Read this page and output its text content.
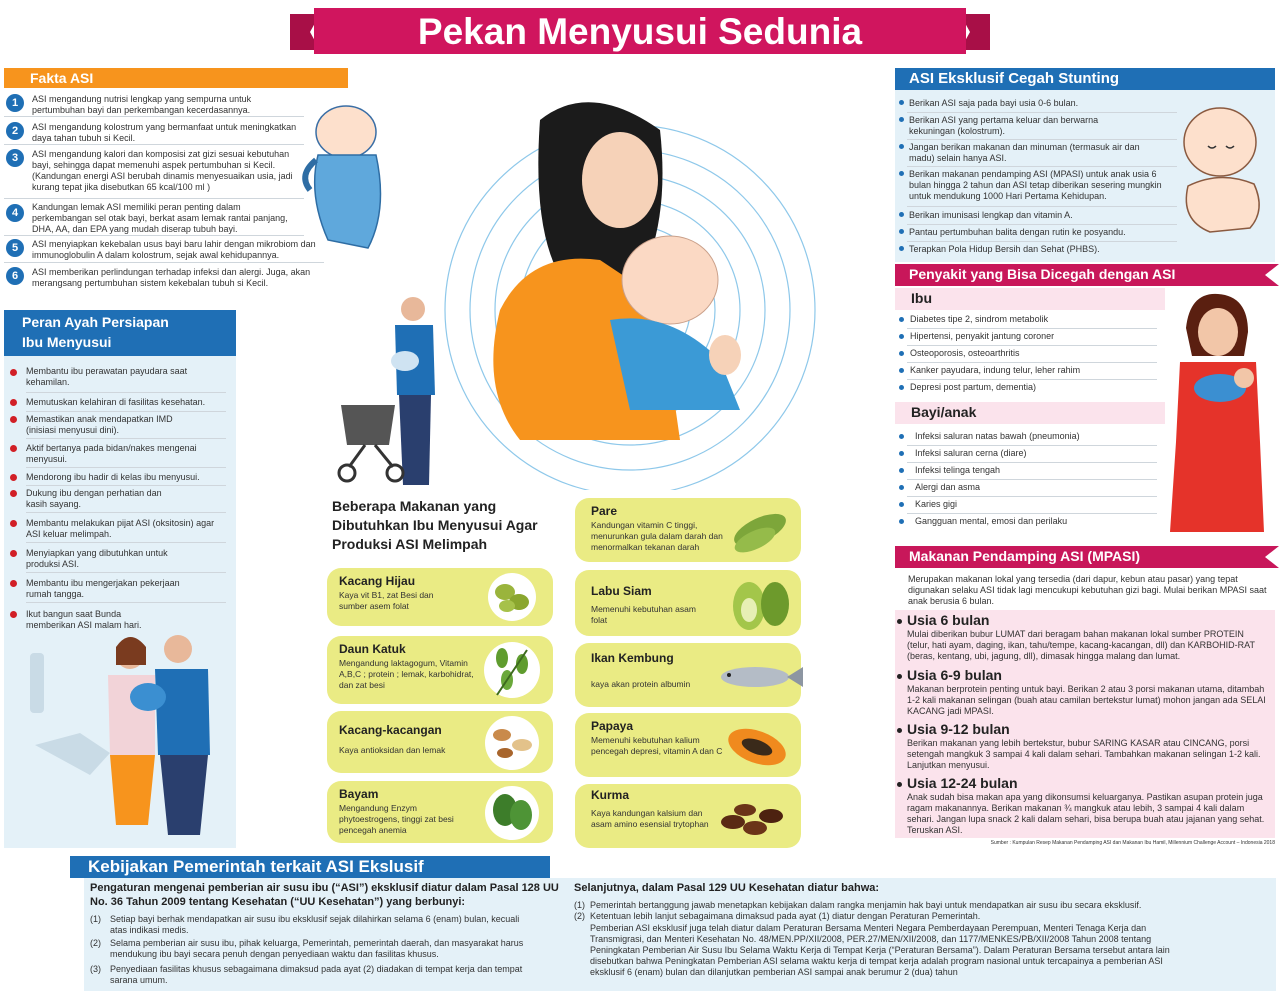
Pekan Menyusui Sedunia
Fakta ASI
1	ASI mengandung nutrisi lengkap yang sempurna untuk pertumbuhan bayi dan perkembangan kecerdasannya.
2	ASI mengandung kolostrum yang bermanfaat untuk meningkatkan daya tahan tubuh si Kecil.
3	ASI mengandung kalori dan komposisi zat gizi sesuai kebutuhan bayi, sehingga dapat memenuhi aspek pertumbuhan si Kecil. (Kandungan energi ASI berubah dinamis menyesuaikan usia, jadi kurang tepat jika disebutkan 65 kcal/100 ml )
4	Kandungan lemak ASI memiliki peran penting dalam perkembangan sel otak bayi, berkat asam lemak rantai panjang, DHA, AA, dan EPA yang mudah diserap tubuh bayi.
5	ASI menyiapkan kekebalan usus bayi baru lahir dengan mikrobiom dan immunoglobulin A dalam kolostrum, sejak awal kehidupannya.
6	ASI memberikan perlindungan terhadap infeksi dan alergi. Juga, akan merangsang pertumbuhan sistem kekebalan tubuh si Kecil.
Peran Ayah Persiapan
Ibu Menyusui
Membantu ibu perawatan payudara saat kehamilan.
Memutuskan kelahiran di fasilitas kesehatan.
Memastikan anak mendapatkan IMD (inisiasi menyusui dini).
Aktif bertanya pada bidan/nakes mengenai menyusui.
Mendorong ibu hadir di kelas ibu menyusui.
Dukung ibu dengan perhatian dan kasih sayang.
Membantu melakukan pijat ASI (oksitosin) agar ASI keluar melimpah.
Menyiapkan yang dibutuhkan untuk produksi ASI.
Membantu ibu mengerjakan pekerjaan rumah tangga.
Ikut bangun saat Bunda memberikan ASI malam hari.
Beberapa Makanan yang Dibutuhkan Ibu Menyusui Agar Produksi ASI Melimpah
Kacang Hijau
Kaya vit B1, zat Besi dan sumber asem folat
Daun Katuk
Mengandung laktagogum, Vitamin A,B,C ; protein ; lemak, karbohidrat, dan zat besi
Kacang-kacangan
Kaya antioksidan dan lemak
Bayam
Mengandung Enzym phytoestrogens, tinggi zat besi pencegah anemia
Pare
Kandungan vitamin C tinggi, menurunkan gula dalam darah dan menormalkan tekanan darah
Labu Siam
Memenuhi kebutuhan asam folat
Ikan Kembung
kaya akan protein albumin
Papaya
Memenuhi kebutuhan kalium pencegah depresi, vitamin A dan C
Kurma
Kaya kandungan kalsium dan asam amino esensial trytophan
ASI Eksklusif Cegah Stunting
Berikan ASI saja pada bayi usia 0-6 bulan.
Berikan ASI yang pertama keluar dan berwarna kekuningan (kolostrum).
Jangan berikan makanan dan minuman (termasuk air dan madu) selain hanya ASI.
Berikan makanan pendamping ASI (MPASI) untuk anak usia 6 bulan hingga 2 tahun dan ASI tetap diberikan sesering mungkin untuk mendukung 1000 Hari Pertama Kehidupan.
Berikan imunisasi lengkap dan vitamin A.
Pantau pertumbuhan balita dengan rutin ke posyandu.
Terapkan Pola Hidup Bersih dan Sehat (PHBS).
Penyakit yang Bisa Dicegah dengan ASI
Ibu
Diabetes tipe 2, sindrom metabolik
Hipertensi, penyakit jantung coroner
Osteoporosis, osteoarthritis
Kanker payudara, indung telur, leher rahim
Depresi post partum, dementia)
Bayi/anak
Infeksi saluran natas bawah (pneumonia)
Infeksi saluran cerna (diare)
Infeksi telinga tengah
Alergi dan asma
Karies gigi
Gangguan mental, emosi dan perilaku
Makanan Pendamping ASI (MPASI)
Merupakan makanan lokal yang tersedia (dari dapur, kebun atau pasar) yang tepat digunakan selaku ASI tidak lagi mencukupi kebutuhan gizi bagi. Mulai berikan MPASI saat anak berusia 6 bulan.
Usia 6 bulan
Mulai diberikan bubur LUMAT dari beragam bahan makanan lokal sumber PROTEIN (telur, hati ayam, daging, ikan, tahu/tempe, kacang-kacangan, dll) dan KARBOHID-RAT (beras, kentang, ubi, jagung, dll), dimasak hingga malang dan lumat.
Usia 6-9 bulan
Makanan berprotein penting untuk bayi. Berikan 2 atau 3 porsi makanan utama, ditambah 1-2 kali makanan selingan (buah atau camilan bertekstur lumat) mohon jangan ada SELAI KACANG jadi MPASI.
Usia 9-12 bulan
Berikan makanan yang lebih bertekstur, bubur SARING KASAR atau CINCANG, porsi setengah mangkuk 3 sampai 4 kali dalam sehari. Tambahkan makanan selingan 1-2 kali. Lanjutkan menyusui.
Usia 12-24 bulan
Anak sudah bisa makan apa yang dikonsumsi keluarganya. Pastikan asupan protein juga ragam makanannya. Berikan makanan ¾ mangkuk atau lebih, 3 sampai 4 kali dalam sehari. Jangan lupa snack 2 kali dalam sehari, bisa berupa buah atau jajanan yang sehat. Teruskan ASI.
Sumber : Kumpulan Resep Makanan Pendamping ASI dan Makanan Ibu Hamil, Millennium Challenge Account – Indonesia 2018
Kebijakan Pemerintah terkait ASI Ekslusif
Pengaturan mengenai pemberian air susu ibu (“ASI”) eksklusif diatur dalam Pasal 128 UU No. 36 Tahun 2009 tentang Kesehatan (“UU Kesehatan”) yang berbunyi:
(1) Setiap bayi berhak mendapatkan air susu ibu eksklusif sejak dilahirkan selama 6 (enam) bulan, kecuali atas indikasi medis.
(2) Selama pemberian air susu ibu, pihak keluarga, Pemerintah, pemerintah daerah, dan masyarakat harus mendukung ibu bayi secara penuh dengan penyediaan waktu dan fasilitas khusus.
(3) Penyediaan fasilitas khusus sebagaimana dimaksud pada ayat (2) diadakan di tempat kerja dan tempat sarana umum.
Selanjutnya, dalam Pasal 129 UU Kesehatan diatur bahwa:
(1) Pemerintah bertanggung jawab menetapkan kebijakan dalam rangka menjamin hak bayi untuk mendapatkan air susu ibu secara eksklusif.
(2) Ketentuan lebih lanjut sebagaimana dimaksud pada ayat (1) diatur dengan Peraturan Pemerintah.
Pemberian ASI eksklusif juga telah diatur dalam Peraturan Bersama Menteri Negara Pemberdayaan Perempuan, Menteri Tenaga Kerja dan Transmigrasi, dan Menteri Kesehatan No. 48/MEN.PP/XII/2008, PER.27/MEN/XII/2008, dan 1177/MENKES/PB/XII/2008 Tahun 2008 tentang Peningkatan Pemberian Air Susu Ibu Selama Waktu Kerja di Tempat Kerja (“Peraturan Bersama”). Dalam Peraturan Bersama tersebut antara lain disebutkan bahwa Peningkatan Pemberian ASI selama waktu kerja di tempat kerja adalah program nasional untuk tercapainya a pemberian ASI eksklusif 6 (enam) bulan dan dilanjutkan pemberian ASI sampai anak berumur 2 (dua) tahun
